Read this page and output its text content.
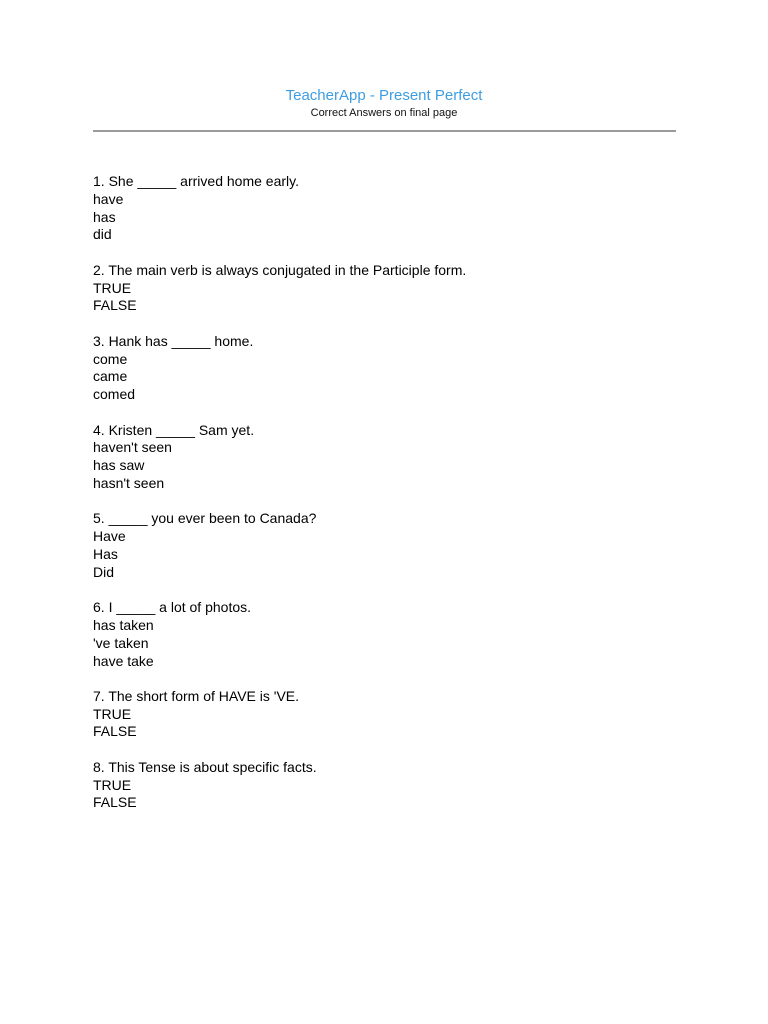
TeacherApp - Present Perfect
Correct Answers on final page
1. She _____ arrived home early.
have
has
did
2. The main verb is always conjugated in the Participle form.
TRUE
FALSE
3. Hank has _____ home.
come
came
comed
4. Kristen _____ Sam yet.
haven't seen
has saw
hasn't seen
5. _____ you ever been to Canada?
Have
Has
Did
6. I _____ a lot of photos.
has taken
've taken
have take
7. The short form of HAVE is 'VE.
TRUE
FALSE
8. This Tense is about specific facts.
TRUE
FALSE
